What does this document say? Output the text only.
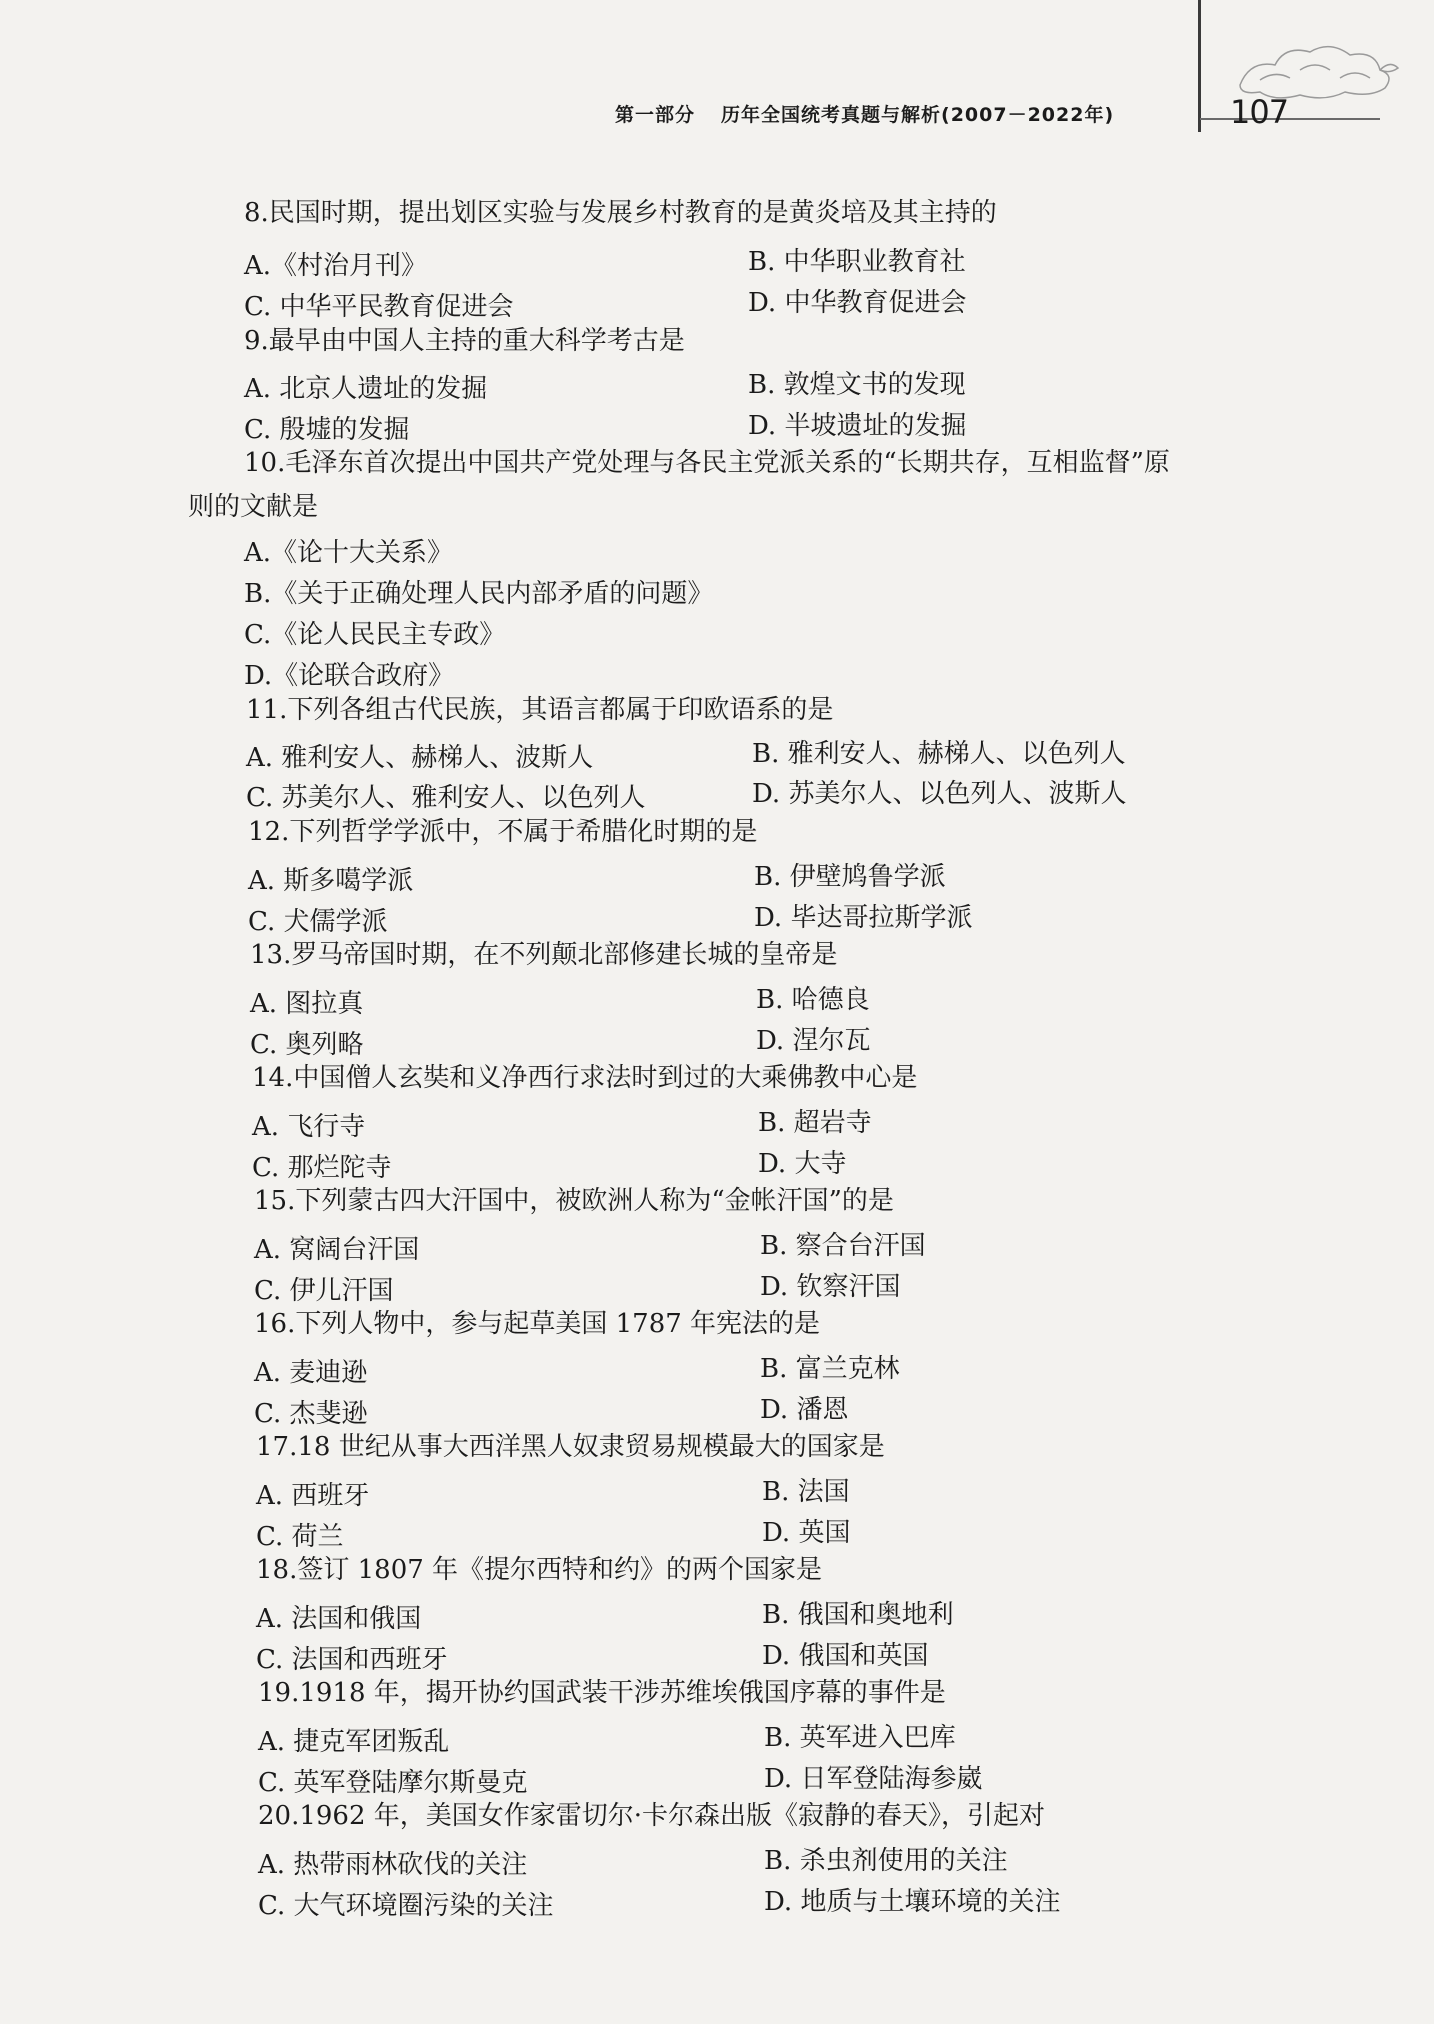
第一部分 历年全国统考真题与解析(2007－2022年)	107
8.民国时期，提出划区实验与发展乡村教育的是黄炎培及其主持的
A.《村治月刊》	B. 中华职业教育社
C. 中华平民教育促进会	D. 中华教育促进会
9.最早由中国人主持的重大科学考古是
A. 北京人遗址的发掘	B. 敦煌文书的发现
C. 殷墟的发掘	D. 半坡遗址的发掘
10.毛泽东首次提出中国共产党处理与各民主党派关系的“长期共存，互相监督”原
则的文献是
A.《论十大关系》
B.《关于正确处理人民内部矛盾的问题》
C.《论人民民主专政》
D.《论联合政府》
11.下列各组古代民族，其语言都属于印欧语系的是
A. 雅利安人、赫梯人、波斯人	B. 雅利安人、赫梯人、以色列人
C. 苏美尔人、雅利安人、以色列人	D. 苏美尔人、以色列人、波斯人
12.下列哲学学派中，不属于希腊化时期的是
A. 斯多噶学派	B. 伊壁鸠鲁学派
C. 犬儒学派	D. 毕达哥拉斯学派
13.罗马帝国时期，在不列颠北部修建长城的皇帝是
A. 图拉真	B. 哈德良
C. 奥列略	D. 涅尔瓦
14.中国僧人玄奘和义净西行求法时到过的大乘佛教中心是
A. 飞行寺	B. 超岩寺
C. 那烂陀寺	D. 大寺
15.下列蒙古四大汗国中，被欧洲人称为“金帐汗国”的是
A. 窝阔台汗国	B. 察合台汗国
C. 伊儿汗国	D. 钦察汗国
16.下列人物中，参与起草美国 1787 年宪法的是
A. 麦迪逊	B. 富兰克林
C. 杰斐逊	D. 潘恩
17.18 世纪从事大西洋黑人奴隶贸易规模最大的国家是
A. 西班牙	B. 法国
C. 荷兰	D. 英国
18.签订 1807 年《提尔西特和约》的两个国家是
A. 法国和俄国	B. 俄国和奥地利
C. 法国和西班牙	D. 俄国和英国
19.1918 年，揭开协约国武装干涉苏维埃俄国序幕的事件是
A. 捷克军团叛乱	B. 英军进入巴库
C. 英军登陆摩尔斯曼克	D. 日军登陆海参崴
20.1962 年，美国女作家雷切尔·卡尔森出版《寂静的春天》，引起对
A. 热带雨林砍伐的关注	B. 杀虫剂使用的关注
C. 大气环境圈污染的关注	D. 地质与土壤环境的关注
